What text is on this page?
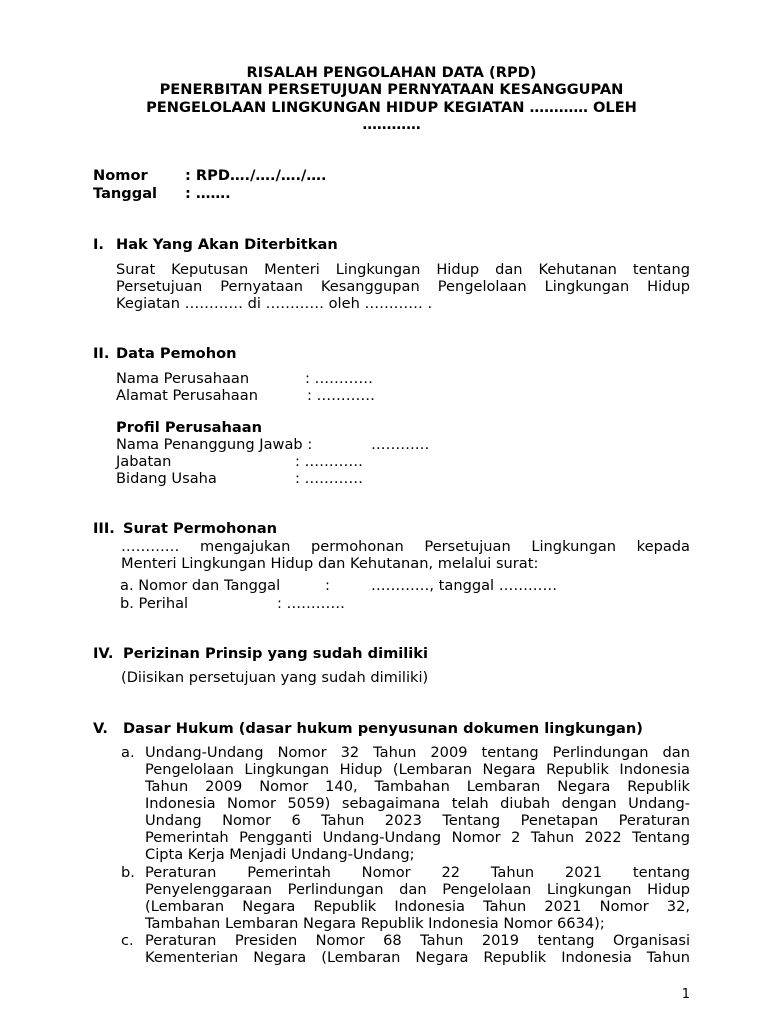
RISALAH PENGOLAHAN DATA (RPD)
PENERBITAN PERSETUJUAN PERNYATAAN KESANGGUPAN
PENGELOLAAN LINGKUNGAN HIDUP KEGIATAN ………… OLEH
…………
Nomor	: RPD…./…./…./….
Tanggal : …….
I. Hak Yang Akan Diterbitkan
Surat Keputusan Menteri Lingkungan Hidup dan Kehutanan tentang
Persetujuan Pernyataan Kesanggupan Pengelolaan Lingkungan Hidup
Kegiatan ………… di ………… oleh ………… .
II. Data Pemohon
Nama Perusahaan	: …………
Alamat Perusahaan	: …………
Profil Perusahaan
Nama Penanggung Jawab :	…………
Jabatan	: …………
Bidang Usaha	: …………
III. Surat Permohonan
………… mengajukan permohonan Persetujuan Lingkungan kepada
Menteri Lingkungan Hidup dan Kehutanan, melalui surat:
a. Nomor dan Tanggal	:	…………, tanggal …………
b. Perihal	: …………
IV. Perizinan Prinsip yang sudah dimiliki
(Diisikan persetujuan yang sudah dimiliki)
V. Dasar Hukum (dasar hukum penyusunan dokumen lingkungan)
a. Undang-Undang Nomor 32 Tahun 2009 tentang Perlindungan dan
Pengelolaan Lingkungan Hidup (Lembaran Negara Republik Indonesia
Tahun 2009 Nomor 140, Tambahan Lembaran Negara Republik
Indonesia Nomor 5059) sebagaimana telah diubah dengan Undang-
Undang Nomor 6 Tahun 2023 Tentang Penetapan Peraturan
Pemerintah Pengganti Undang-Undang Nomor 2 Tahun 2022 Tentang
Cipta Kerja Menjadi Undang-Undang;
b. Peraturan Pemerintah Nomor 22 Tahun 2021 tentang
Penyelenggaraan Perlindungan dan Pengelolaan Lingkungan Hidup
(Lembaran Negara Republik Indonesia Tahun 2021 Nomor 32,
Tambahan Lembaran Negara Republik Indonesia Nomor 6634);
c. Peraturan Presiden Nomor 68 Tahun 2019 tentang Organisasi
Kementerian Negara (Lembaran Negara Republik Indonesia Tahun
1
